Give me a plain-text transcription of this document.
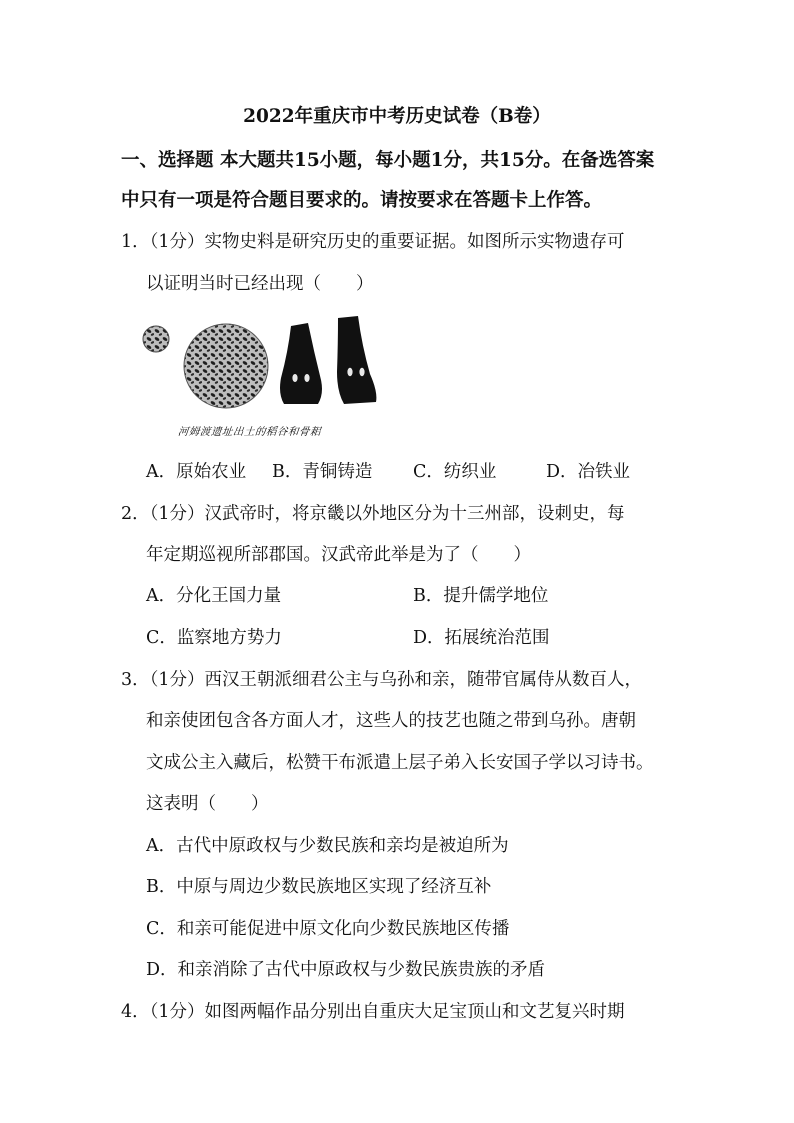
2022年重庆市中考历史试卷（B卷）
一、选择题 本大题共15小题，每小题1分，共15分。在备选答案
中只有一项是符合题目要求的。请按要求在答题卡上作答。
1．（1分）实物史料是研究历史的重要证据。如图所示实物遗存可
以证明当时已经出现（　　）
河姆渡遗址出土的稻谷和骨耜
A．原始农业 B．青铜铸造 C．纺织业	D．冶铁业
2．（1分）汉武帝时，将京畿以外地区分为十三州部，设刺史，每
年定期巡视所部郡国。汉武帝此举是为了（　　）
A．分化王国力量	B．提升儒学地位
C．监察地方势力	D．拓展统治范围
3．（1分）西汉王朝派细君公主与乌孙和亲，随带官属侍从数百人，
和亲使团包含各方面人才，这些人的技艺也随之带到乌孙。唐朝
文成公主入藏后，松赞干布派遣上层子弟入长安国子学以习诗书。
这表明（　　）
A．古代中原政权与少数民族和亲均是被迫所为
B．中原与周边少数民族地区实现了经济互补
C．和亲可能促进中原文化向少数民族地区传播
D．和亲消除了古代中原政权与少数民族贵族的矛盾
4．（1分）如图两幅作品分别出自重庆大足宝顶山和文艺复兴时期
